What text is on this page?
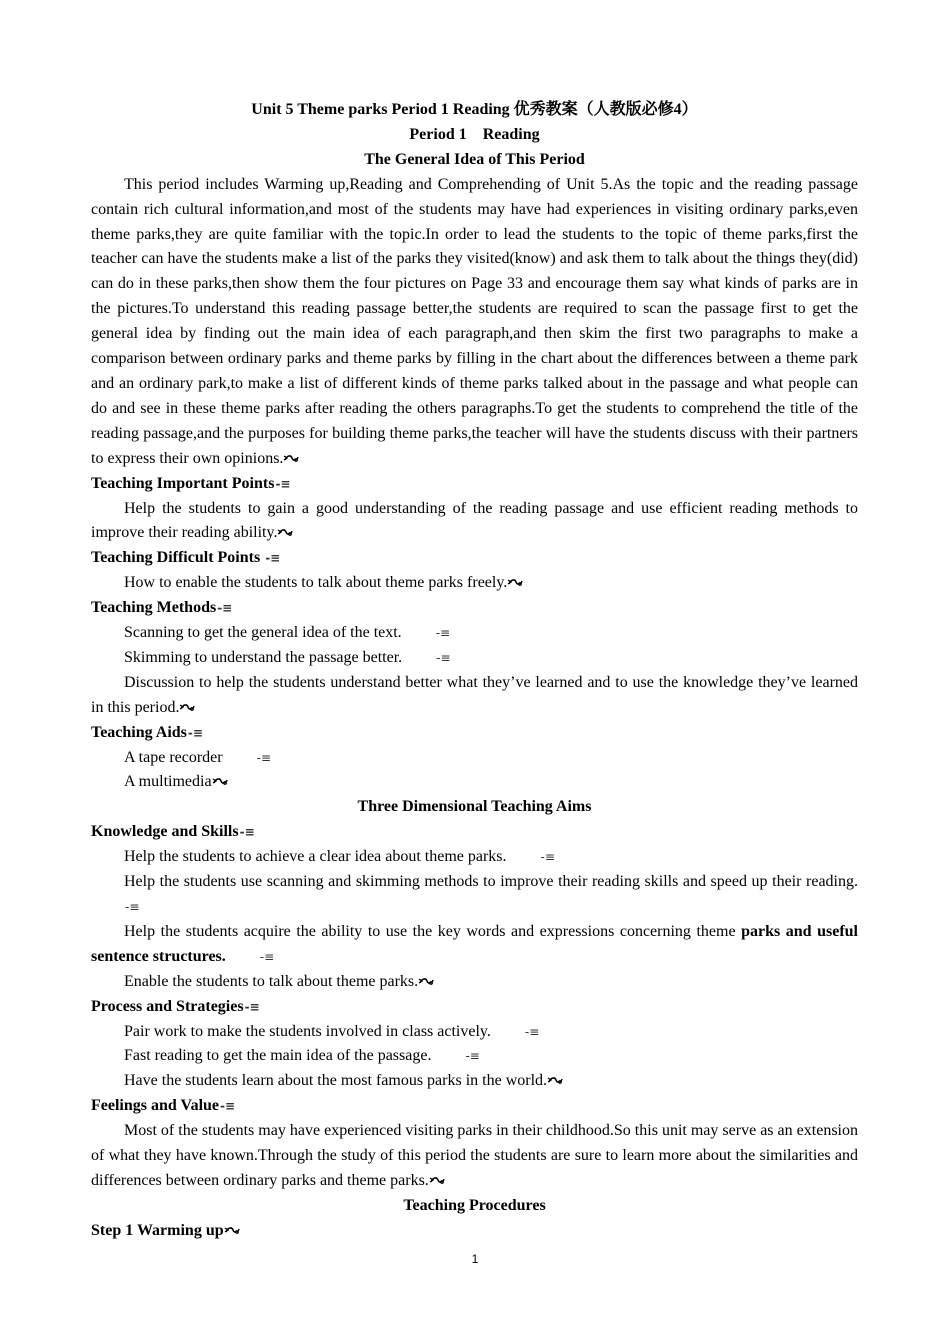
Unit 5 Theme parks Period 1 Reading 优秀教案（人教版必修4）
Period 1    Reading
The General Idea of This Period
This period includes Warming up,Reading and Comprehending of Unit 5.As the topic and the reading passage contain rich cultural information,and most of the students may have had experiences in visiting ordinary parks,even theme parks,they are quite familiar with the topic.In order to lead the students to the topic of theme parks,first the teacher can have the students make a list of the parks they visited(know) and ask them to talk about the things they(did) can do in these parks,then show them the four pictures on Page 33 and encourage them say what kinds of parks are in the pictures.To understand this reading passage better,the students are required to scan the passage first to get the general idea by finding out the main idea of each paragraph,and then skim the first two paragraphs to make a comparison between ordinary parks and theme parks by filling in the chart about the differences between a theme park and an ordinary park,to make a list of different kinds of theme parks talked about in the passage and what people can do and see in these theme parks after reading the others paragraphs.To get the students to comprehend the title of the reading passage,and the purposes for building theme parks,the teacher will have the students discuss with their partners to express their own opinions.
Teaching Important Points-≡
Help the students to gain a good understanding of the reading passage and use efficient reading methods to improve their reading ability.
Teaching Difficult Points -≡
How to enable the students to talk about theme parks freely.
Teaching Methods-≡
Scanning to get the general idea of the text.	-≡
Skimming to understand the passage better.	-≡
Discussion to help the students understand better what they’ve learned and to use the knowledge they’ve learned in this period.
Teaching Aids-≡
A tape recorder	-≡
A multimedia
Three Dimensional Teaching Aims
Knowledge and Skills-≡
Help the students to achieve a clear idea about theme parks.	-≡
Help the students use scanning and skimming methods to improve their reading skills and speed up their reading.-≡
Help the students acquire the ability to use the key words and expressions concerning theme parks and useful sentence structures.	-≡
Enable the students to talk about theme parks.
Process and Strategies-≡
Pair work to make the students involved in class actively.	-≡
Fast reading to get the main idea of the passage.	-≡
Have the students learn about the most famous parks in the world.
Feelings and Value-≡
Most of the students may have experienced visiting parks in their childhood.So this unit may serve as an extension of what they have known.Through the study of this period the students are sure to learn more about the similarities and differences between ordinary parks and theme parks.
Teaching Procedures
Step 1 Warming up
1
